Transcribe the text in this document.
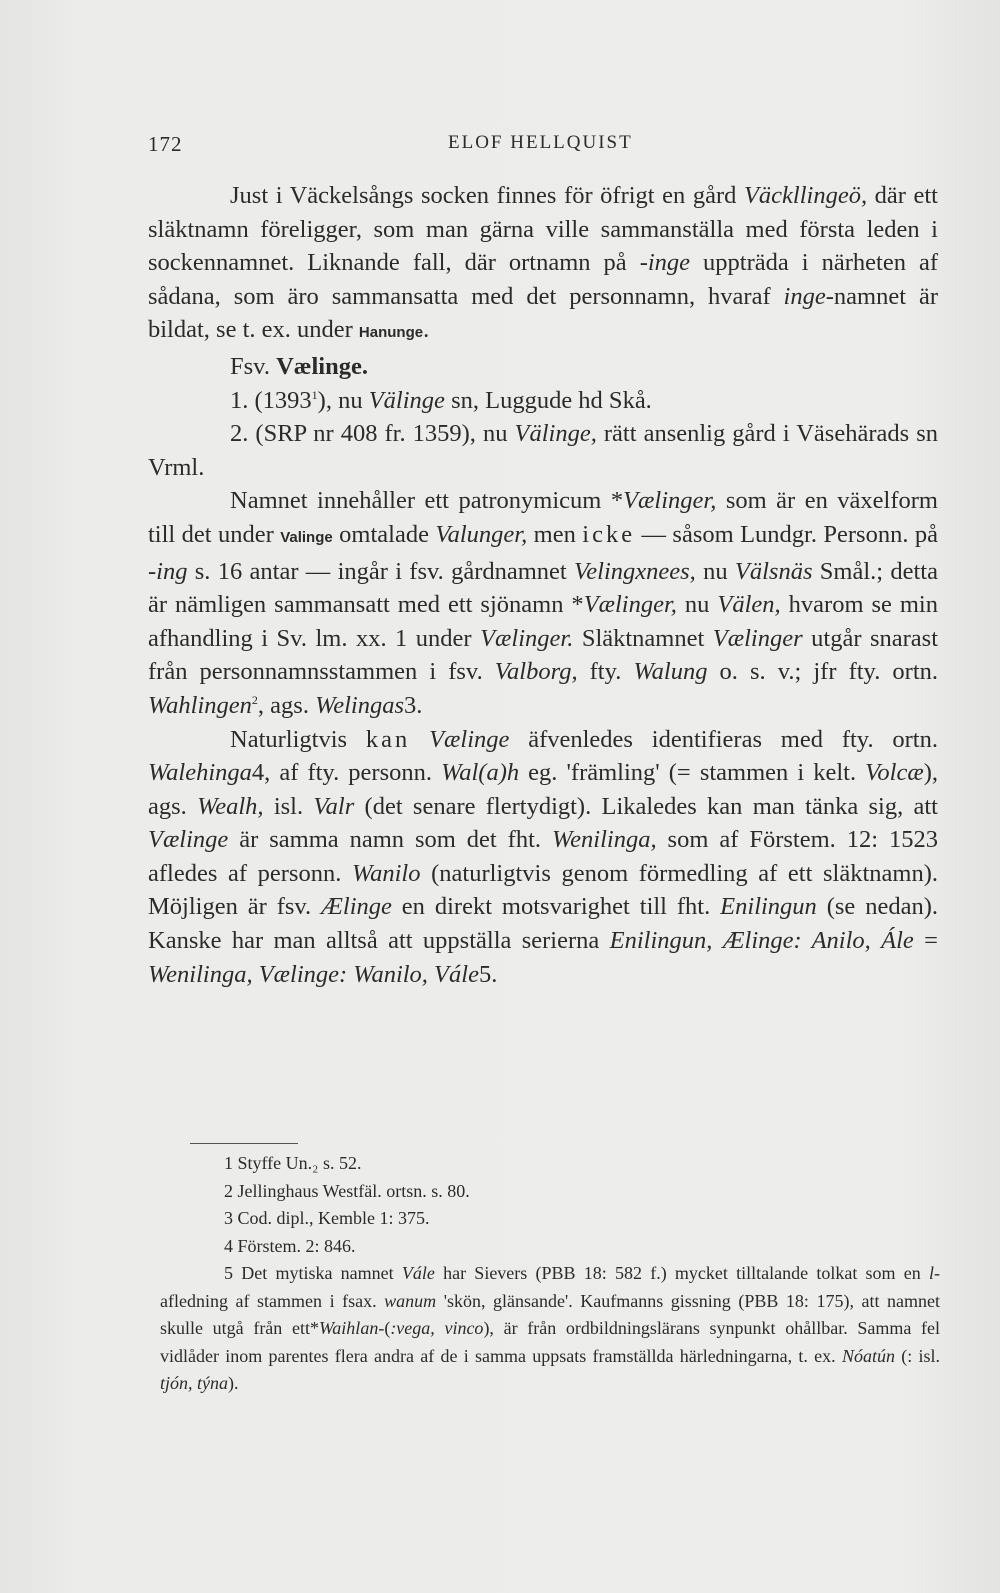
172	ELOF HELLQUIST

Just i Väckelsångs socken finnes för öfrigt en gård Väckllingeö, där ett släktnamn föreligger, som man gärna ville sammanställa med första leden i sockennamnet. Liknande fall, där ortnamn på -inge uppträda i närheten af sådana, som äro sammansatta med det personnamn, hvaraf inge-namnet är bildat, se t. ex. under Hanunge.

Fsv. Vælinge.

1. (1393$^1$), nu Välinge sn, Luggude hd Skå.

2. (SRP nr 408 fr. 1359), nu Välinge, rätt ansenlig gård i Väsehärads sn Vrml.

Namnet innehåller ett patronymicum *Vælinger, som är en växelform till det under Valinge omtalade Valunger, men icke — såsom Lundgr. Personn. på -ing s. 16 antar — ingår i fsv. gårdnamnet Velingxnees, nu Välsnäs Smål.; detta är nämligen sammansatt med ett sjönamn *Vælinger, nu Välen, hvarom se min afhandling i Sv. lm. xx. 1 under Vælinger. Släktnamnet Vælinger utgår snarast från personnamnsstammen i fsv. Valborg, fty. Walung o. s. v.; jfr fty. ortn. Wahlingen$^2$, ags. Welingas3.

Naturligtvis kan Vælinge äfvenledes identifieras med fty. ortn. Walehinga4, af fty. personn. Wal(a)h eg. 'främling' (= stammen i kelt. Volcæ), ags. Wealh, isl. Valr (det senare flertydigt). Likaledes kan man tänka sig, att Vælinge är samma namn som det fht. Wenilinga, som af Förstem. 12: 1523 afledes af personn. Wanilo (naturligtvis genom förmedling af ett släktnamn). Möjligen är fsv. Ælinge en direkt motsvarighet till fht. Enilingun (se nedan). Kanske har man alltså att uppställa serierna Enilingun, Ælinge: Anilo, Ále = Wenilinga, Vælinge: Wanilo, Vále5.

1 Styffe Un.₂ s. 52.

2 Jellinghaus Westfäl. ortsn. s. 80.

3 Cod. dipl., Kemble 1: 375.

4 Förstem. 2: 846.

5 Det mytiska namnet Vále har Sievers (PBB 18: 582 f.) mycket tilltalande tolkat som en l-afledning af stammen i fsax. wanum 'skön, glänsande'. Kaufmanns gissning (PBB 18: 175), att namnet skulle utgå från ett*Waihlan-(:vega, vinco), är från ordbildningslärans synpunkt ohållbar. Samma fel vidlåder inom parentes flera andra af de i samma uppsats framställda härledningarna, t. ex. Nóatún (: isl. tjón, týna).
